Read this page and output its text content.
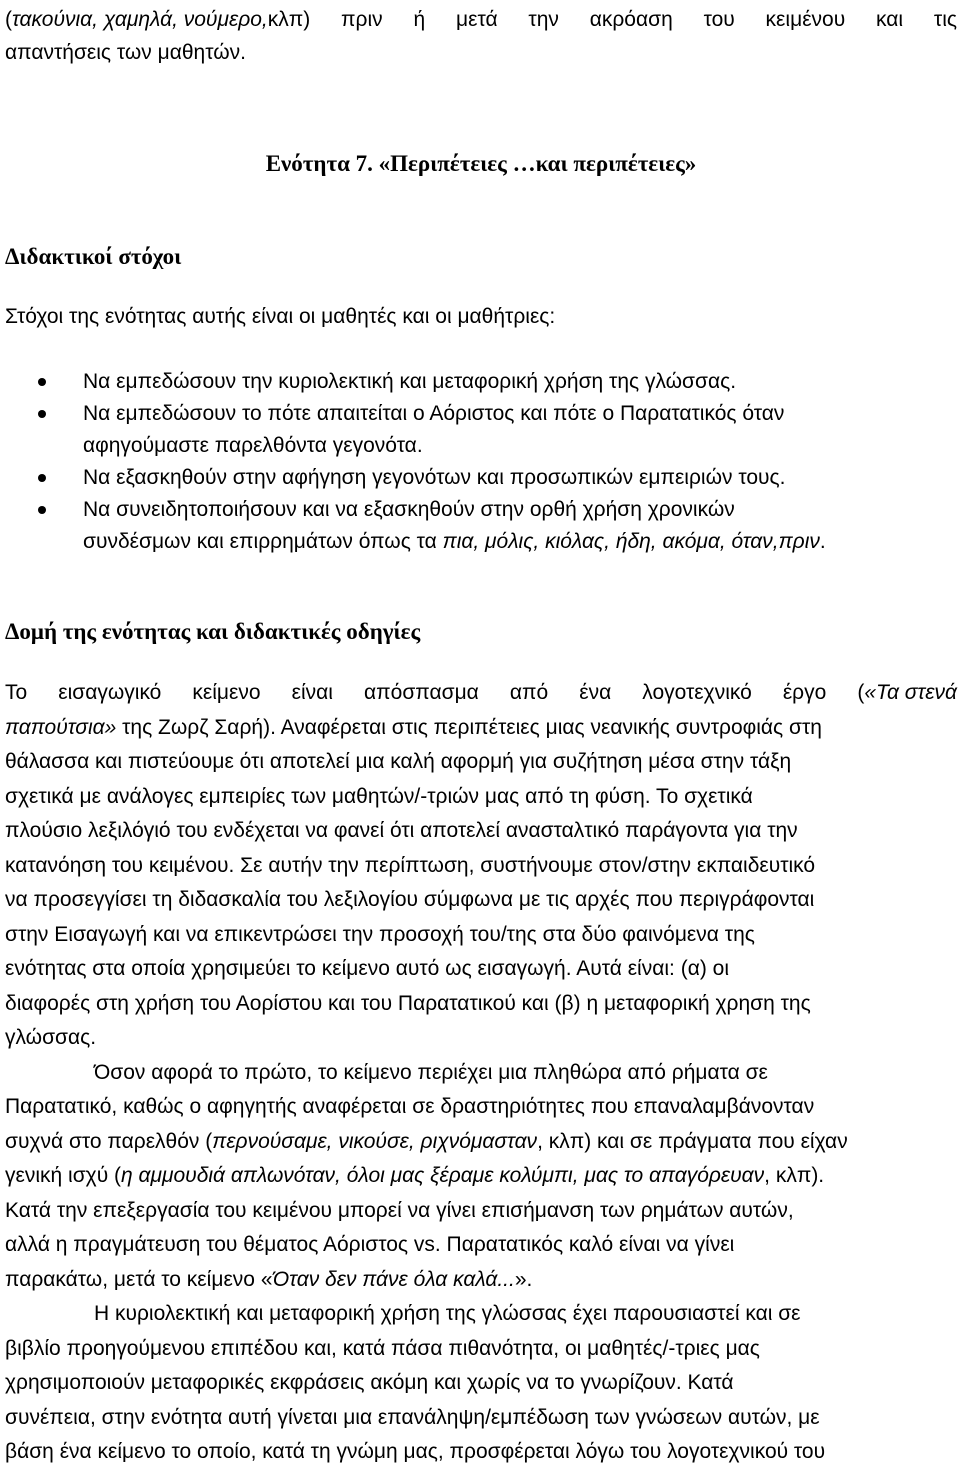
(τακούνια, χαμηλά, νούμερο, κλπ) πριν ή μετά την ακρόαση του κειμένου και τις
απαντήσεις των μαθητών.
Ενότητα 7. «Περιπέτειες …και περιπέτειες»
Διδακτικοί στόχοι
Στόχοι της ενότητας αυτής είναι οι μαθητές και οι μαθήτριες:
Να εμπεδώσουν την κυριολεκτική και μεταφορική χρήση της γλώσσας.
Να εμπεδώσουν το πότε απαιτείται ο Αόριστος και πότε ο Παρατατικός όταν
αφηγούμαστε παρελθόντα γεγονότα.
Να εξασκηθούν στην αφήγηση γεγονότων και προσωπικών εμπειριών τους.
Να συνειδητοποιήσουν και να εξασκηθούν στην ορθή χρήση χρονικών
συνδέσμων και επιρρημάτων όπως τα πια, μόλις, κιόλας, ήδη, ακόμα, όταν,πριν.
Δομή της ενότητας και διδακτικές οδηγίες
Το εισαγωγικό κείμενο είναι απόσπασμα από ένα λογοτεχνικό έργο ( «Τα στενά
παπούτσια» της Ζωρζ Σαρή). Αναφέρεται στις περιπέτειες μιας νεανικής συντροφιάς στη
θάλασσα και πιστεύουμε ότι αποτελεί μια καλή αφορμή για συζήτηση μέσα στην τάξη
σχετικά με ανάλογες εμπειρίες των μαθητών/-τριών μας από τη φύση. Το σχετικά
πλούσιο λεξιλόγιό του ενδέχεται να φανεί ότι αποτελεί ανασταλτικό παράγοντα για την
κατανόηση του κειμένου. Σε αυτήν την περίπτωση, συστήνουμε στον/στην εκπαιδευτικό
να προσεγγίσει τη διδασκαλία του λεξιλογίου σύμφωνα με τις αρχές που περιγράφονται
στην Εισαγωγή και να επικεντρώσει την προσοχή του/της στα δύο φαινόμενα της
ενότητας στα οποία χρησιμεύει το κείμενο αυτό ως εισαγωγή. Αυτά είναι: (α) οι
διαφορές στη χρήση του Αορίστου και του Παρατατικού και (β) η μεταφορική χρηση της
γλώσσας.
Όσον αφορά το πρώτο, το κείμενο περιέχει μια πληθώρα από ρήματα σε
Παρατατικό, καθώς ο αφηγητής αναφέρεται σε δραστηριότητες που επαναλαμβάνονταν
συχνά στο παρελθόν (περνούσαμε, νικούσε, ριχνόμασταν, κλπ) και σε πράγματα που είχαν
γενική ισχύ (η αμμουδιά απλωνόταν, όλοι μας ξέραμε κολύμπι, μας το απαγόρευαν, κλπ).
Κατά την επεξεργασία του κειμένου μπορεί να γίνει επισήμανση των ρημάτων αυτών,
αλλά η πραγμάτευση του θέματος Αόριστος vs. Παρατατικός καλό είναι να γίνει
παρακάτω, μετά το κείμενο «Όταν δεν πάνε όλα καλά...».
Η κυριολεκτική και μεταφορική χρήση της γλώσσας έχει παρουσιαστεί και σε
βιβλίο προηγούμενου επιπέδου και, κατά πάσα πιθανότητα, οι μαθητές/-τριες μας
χρησιμοποιούν μεταφορικές εκφράσεις ακόμη και χωρίς να το γνωρίζουν. Κατά
συνέπεια, στην ενότητα αυτή γίνεται μια επανάληψη/εμπέδωση των γνώσεων αυτών, με
βάση ένα κείμενο το οποίο, κατά τη γνώμη μας, προσφέρεται λόγω του λογοτεχνικού του
